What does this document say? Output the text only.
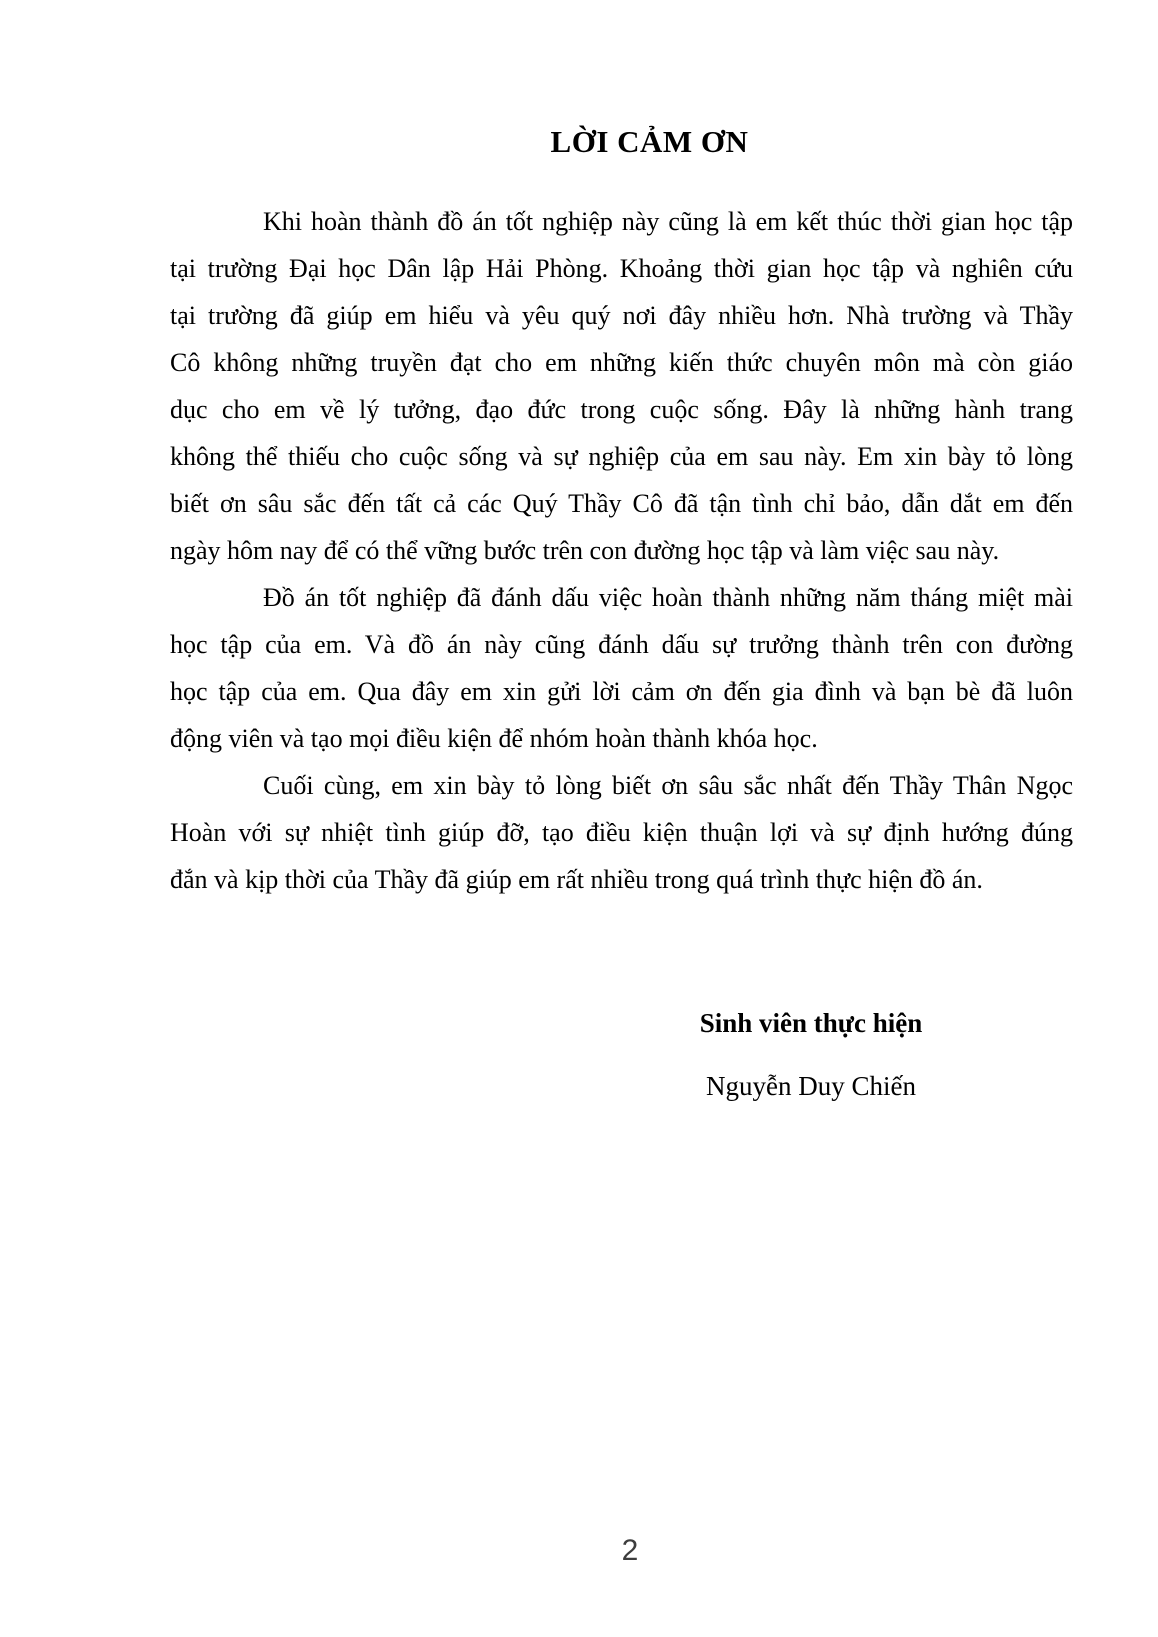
LỜI CẢM ƠN
Khi hoàn thành đồ án tốt nghiệp này cũng là em kết thúc thời gian học tập
tại trường Đại học Dân lập Hải Phòng. Khoảng thời gian học tập và nghiên cứu
tại trường đã giúp em hiểu và yêu quý nơi đây nhiều hơn. Nhà trường và Thầy
Cô không những truyền đạt cho em những kiến thức chuyên môn mà còn giáo
dục cho em về lý tưởng, đạo đức trong cuộc sống. Đây là những hành trang
không thể thiếu cho cuộc sống và sự nghiệp của em sau này. Em xin bày tỏ lòng
biết ơn sâu sắc đến tất cả các Quý Thầy Cô đã tận tình chỉ bảo, dẫn dắt em đến
ngày hôm nay để có thể vững bước trên con đường học tập và làm việc sau này.
Đồ án tốt nghiệp đã đánh dấu việc hoàn thành những năm tháng miệt mài
học tập của em. Và đồ án này cũng đánh dấu sự trưởng thành trên con đường
học tập của em. Qua đây em xin gửi lời cảm ơn đến gia đình và bạn bè đã luôn
động viên và tạo mọi điều kiện để nhóm hoàn thành khóa học.
Cuối cùng, em xin bày tỏ lòng biết ơn sâu sắc nhất đến Thầy Thân Ngọc
Hoàn với sự nhiệt tình giúp đỡ, tạo điều kiện thuận lợi và sự định hướng đúng
đắn và kịp thời của Thầy đã giúp em rất nhiều trong quá trình thực hiện đồ án.
Sinh viên thực hiện
Nguyễn Duy Chiến
2
